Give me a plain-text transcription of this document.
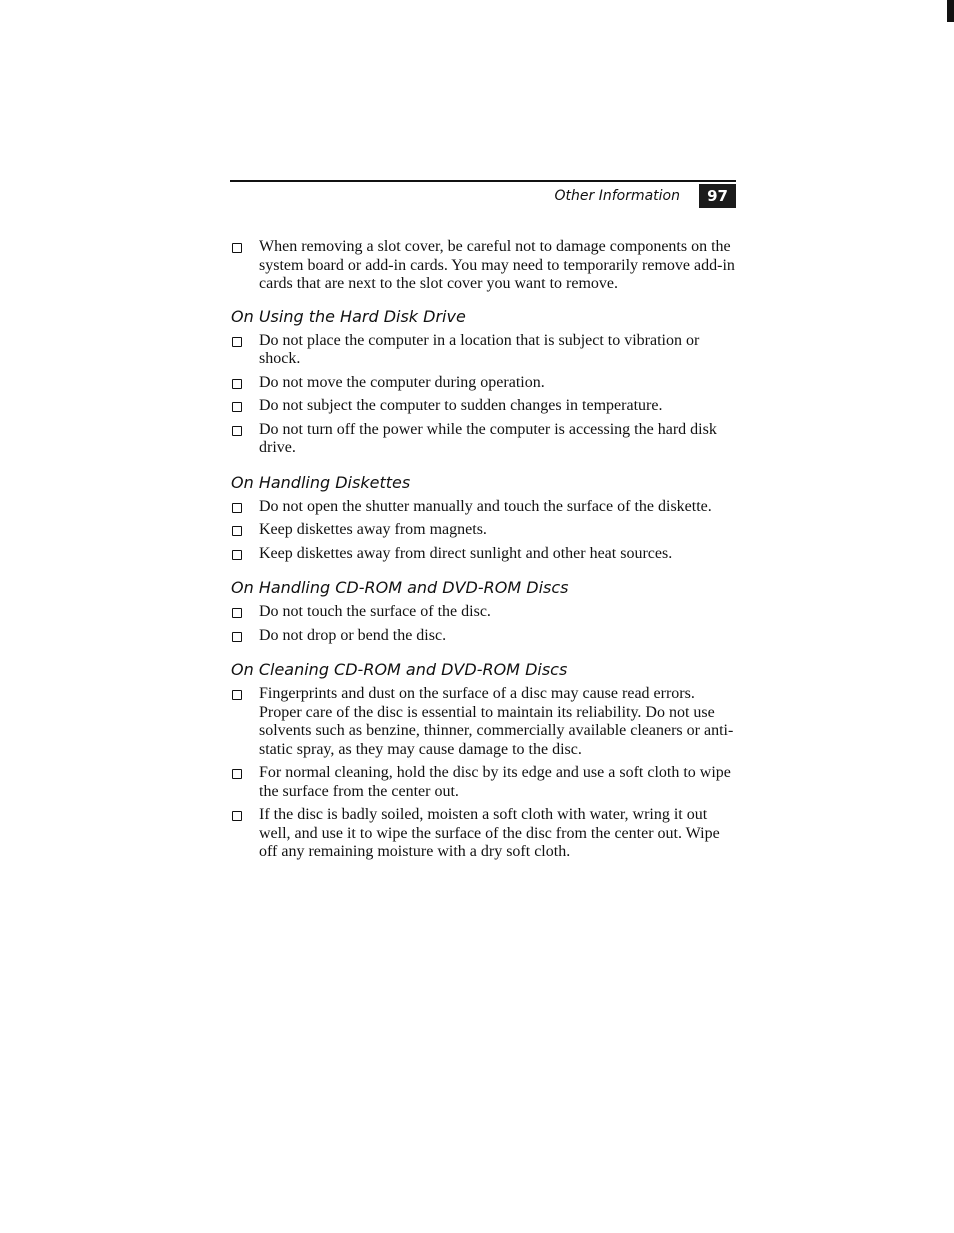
Other Information	97
When removing a slot cover, be careful not to damage components on the system board or add-in cards. You may need to temporarily remove add-in cards that are next to the slot cover you want to remove.
On Using the Hard Disk Drive
Do not place the computer in a location that is subject to vibration or shock.
Do not move the computer during operation.
Do not subject the computer to sudden changes in temperature.
Do not turn off the power while the computer is accessing the hard disk drive.
On Handling Diskettes
Do not open the shutter manually and touch the surface of the diskette.
Keep diskettes away from magnets.
Keep diskettes away from direct sunlight and other heat sources.
On Handling CD-ROM and DVD-ROM Discs
Do not touch the surface of the disc.
Do not drop or bend the disc.
On Cleaning CD-ROM and DVD-ROM Discs
Fingerprints and dust on the surface of a disc may cause read errors. Proper care of the disc is essential to maintain its reliability. Do not use solvents such as benzine, thinner, commercially available cleaners or anti-static spray, as they may cause damage to the disc.
For normal cleaning, hold the disc by its edge and use a soft cloth to wipe the surface from the center out.
If the disc is badly soiled, moisten a soft cloth with water, wring it out well, and use it to wipe the surface of the disc from the center out. Wipe off any remaining moisture with a dry soft cloth.
